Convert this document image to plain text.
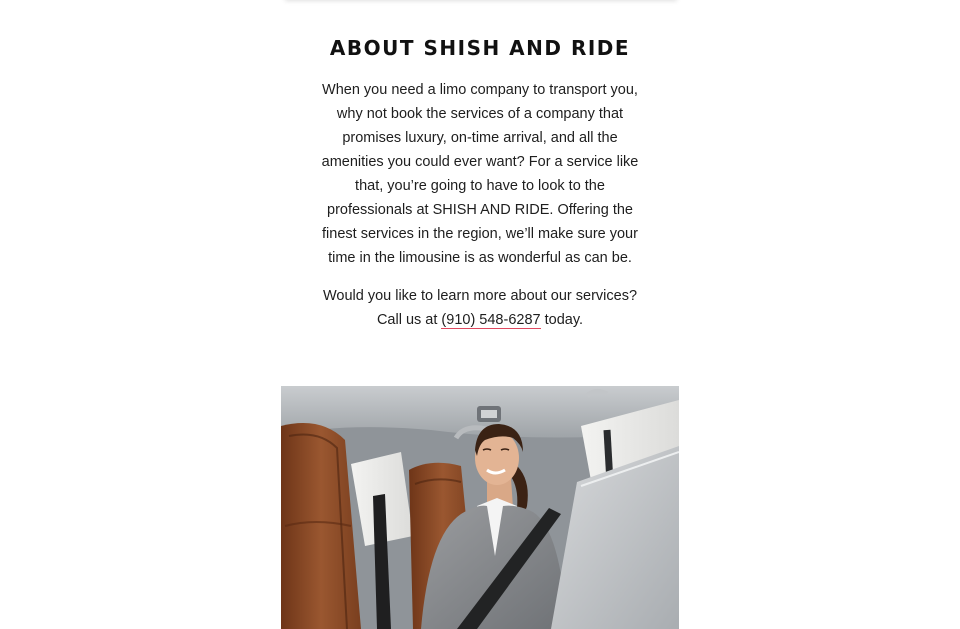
ABOUT SHISH AND RIDE

When you need a limo company to transport you, why not book the services of a company that promises luxury, on-time arrival, and all the amenities you could ever want? For a service like that, you’re going to have to look to the professionals at SHISH AND RIDE. Offering the finest services in the region, we’ll make sure your time in the limousine is as wonderful as can be.

Would you like to learn more about our services? Call us at (910) 548-6287 today.
